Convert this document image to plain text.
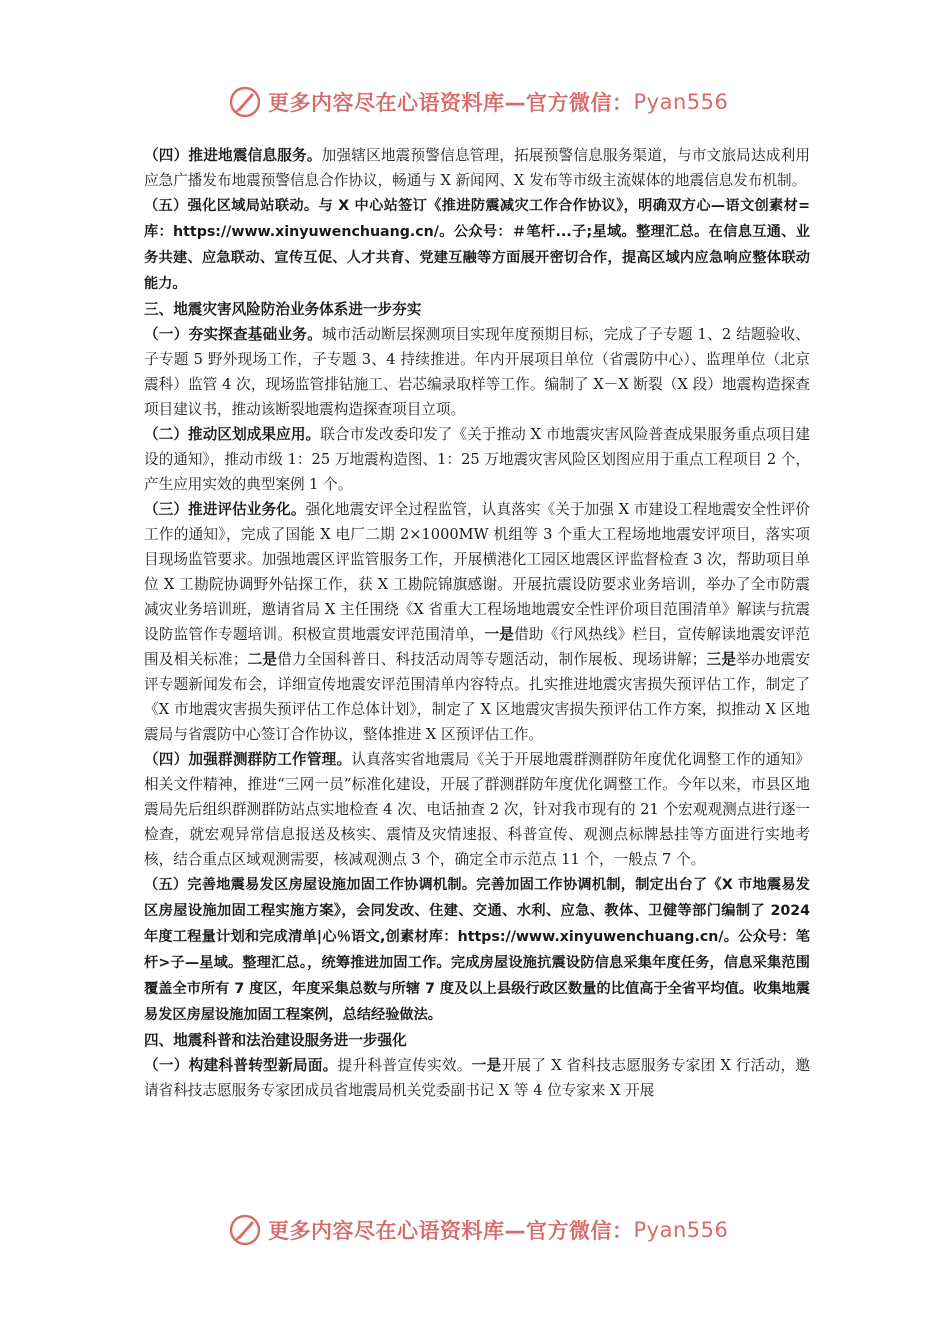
更多内容尽在心语资料库—官方微信： Pyan556

（四）推进地震信息服务。加强辖区地震预警信息管理，拓展预警信息服务渠道，与市文旅局达成利用应急广播发布地震预警信息合作协议，畅通与 X 新闻网、X 发布等市级主流媒体的地震信息发布机制。

（五）强化区域局站联动。与 X 中心站签订《推进防震减灾工作合作协议》，明确双方心—语文创素材=库：https://www.xinyuwenchuang.cn/。公众号：＃笔杆...子;星域。整理汇总。在信息互通、业务共建、应急联动、宣传互促、人才共育、党建互融等方面展开密切合作，提高区域内应急响应整体联动能力。

三、地震灾害风险防治业务体系进一步夯实

（一）夯实探查基础业务。城市活动断层探测项目实现年度预期目标，完成了子专题 1、2 结题验收、子专题 5 野外现场工作，子专题 3、4 持续推进。年内开展项目单位（省震防中心）、监理单位（北京震科）监管 4 次，现场监管排钻施工、岩芯编录取样等工作。编制了 X－X 断裂（X 段）地震构造探查项目建议书，推动该断裂地震构造探查项目立项。

（二）推动区划成果应用。联合市发改委印发了《关于推动 X 市地震灾害风险普查成果服务重点项目建设的通知》，推动市级 1：25 万地震构造图、1：25 万地震灾害风险区划图应用于重点工程项目 2 个，产生应用实效的典型案例 1 个。

（三）推进评估业务化。强化地震安评全过程监管，认真落实《关于加强 X 市建设工程地震安全性评价工作的通知》，完成了国能 X 电厂二期 2×1000MW 机组等 3 个重大工程场地地震安评项目，落实项目现场监管要求。加强地震区评监管服务工作，开展横港化工园区地震区评监督检查 3 次，帮助项目单位 X 工勘院协调野外钻探工作，获 X 工勘院锦旗感谢。开展抗震设防要求业务培训，举办了全市防震减灾业务培训班，邀请省局 X 主任围绕《X 省重大工程场地地震安全性评价项目范围清单》解读与抗震设防监管作专题培训。积极宣贯地震安评范围清单，一是借助《行风热线》栏目，宣传解读地震安评范围及相关标准；二是借力全国科普日、科技活动周等专题活动，制作展板、现场讲解；三是举办地震安评专题新闻发布会，详细宣传地震安评范围清单内容特点。扎实推进地震灾害损失预评估工作，制定了《X 市地震灾害损失预评估工作总体计划》，制定了 X 区地震灾害损失预评估工作方案，拟推动 X 区地震局与省震防中心签订合作协议，整体推进 X 区预评估工作。

（四）加强群测群防工作管理。认真落实省地震局《关于开展地震群测群防年度优化调整工作的通知》相关文件精神，推进“三网一员”标准化建设，开展了群测群防年度优化调整工作。今年以来，市县区地震局先后组织群测群防站点实地检查 4 次、电话抽查 2 次，针对我市现有的 21 个宏观观测点进行逐一检查，就宏观异常信息报送及核实、震情及灾情速报、科普宣传、观测点标牌悬挂等方面进行实地考核，结合重点区域观测需要，核减观测点 3 个，确定全市示范点 11 个，一般点 7 个。

（五）完善地震易发区房屋设施加固工作协调机制。完善加固工作协调机制，制定出台了《X 市地震易发区房屋设施加固工程实施方案》，会同发改、住建、交通、水利、应急、教体、卫健等部门编制了 2024 年度工程量计划和完成清单|心％语文,创素材库：https://www.xinyuwenchuang.cn/。公众号：笔杆>子—星域。整理汇总。，统筹推进加固工作。完成房屋设施抗震设防信息采集年度任务，信息采集范围覆盖全市所有 7 度区，年度采集总数与所辖 7 度及以上县级行政区数量的比值高于全省平均值。收集地震易发区房屋设施加固工程案例，总结经验做法。

四、地震科普和法治建设服务进一步强化

（一）构建科普转型新局面。提升科普宣传实效。一是开展了 X 省科技志愿服务专家团 X 行活动，邀请省科技志愿服务专家团成员省地震局机关党委副书记 X 等 4 位专家来 X 开展

更多内容尽在心语资料库—官方微信： Pyan556
